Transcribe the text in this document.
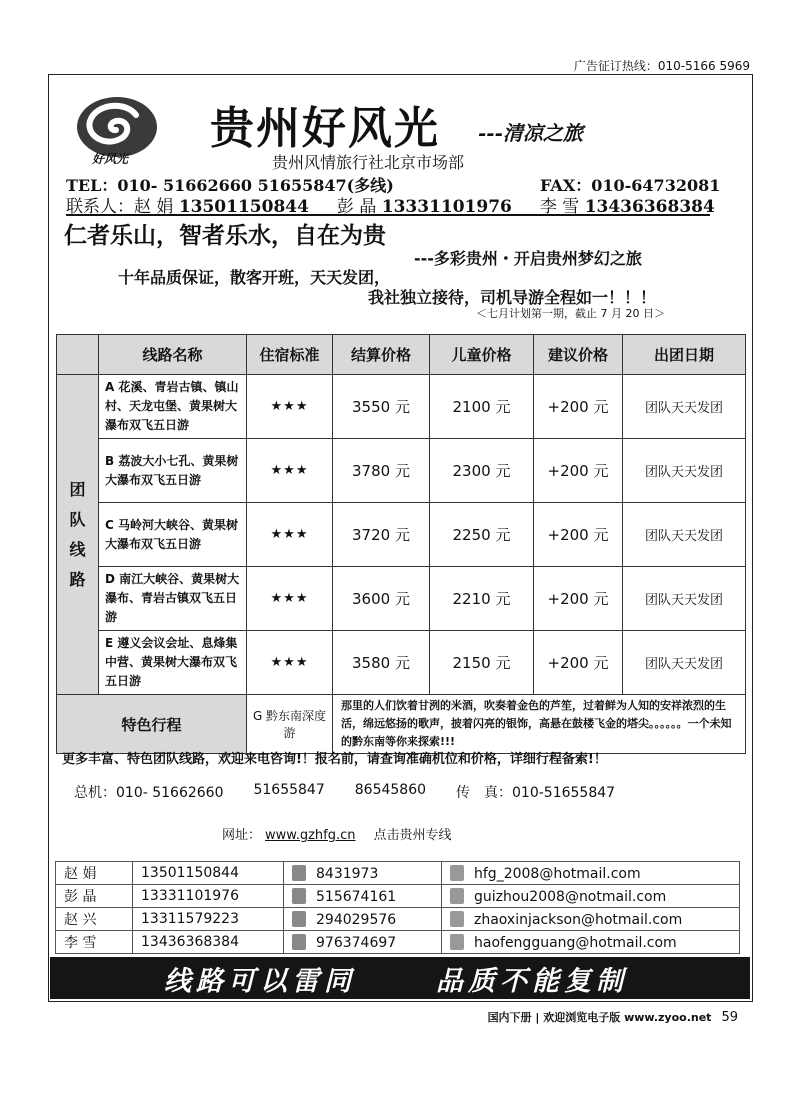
广告征订热线：010-5166 5969
好风光
贵州好风光 ---清凉之旅
贵州风情旅行社北京市场部
TEL：010- 51662660 51655847(多线)	FAX：010-64732081
联系人：赵 娟 13501150844 彭 晶 13331101976 李 雪 13436368384
仁者乐山，智者乐水，自在为贵
---多彩贵州・开启贵州梦幻之旅
十年品质保证，散客开班，天天发团，
我社独立接待，司机导游全程如一！！！
＜七月计划第一期，截止 7 月 20 日＞
	线路名称	住宿标准	结算价格	儿童价格	建议价格	出团日期
团
队
线
路	A 花溪、青岩古镇、镇山村、天龙屯堡、黄果树大瀑布双飞五日游	★★★	3550 元	2100 元	+200 元	团队天天发团
	B 荔波大小七孔、黄果树大瀑布双飞五日游	★★★	3780 元	2300 元	+200 元	团队天天发团
	C 马岭河大峡谷、黄果树大瀑布双飞五日游	★★★	3720 元	2250 元	+200 元	团队天天发团
	D 南江大峡谷、黄果树大瀑布、青岩古镇双飞五日游	★★★	3600 元	2210 元	+200 元	团队天天发团
	E 遵义会议会址、息烽集中营、黄果树大瀑布双飞五日游	★★★	3580 元	2150 元	+200 元	团队天天发团
特色行程		G 黔东南深度游	那里的人们饮着甘洌的米酒，吹奏着金色的芦笙，过着鲜为人知的安祥浓烈的生活，绵远悠扬的歌声，披着闪亮的银饰，高悬在鼓楼飞金的塔尖。。。。。。一个未知的黔东南等你来探索!!!			
更多丰富、特色团队线路，欢迎来电咨询!！报名前，请查询准确机位和价格，详细行程备索!！
总机：010- 51662660 51655847 86545860 传　真：010-51655847
网址： www.gzhfg.cn 点击贵州专线
赵 娟	13501150844	8431973	hfg_2008@hotmail.com
彭 晶	13331101976	515674161	guizhou2008@notmail.com
赵 兴	13311579223	294029576	zhaoxinjackson@hotmail.com
李 雪	13436368384	976374697	haofengguang@hotmail.com
线路可以雷同	品质不能复制
国内下册 | 欢迎浏览电子版 www.zyoo.net 59
